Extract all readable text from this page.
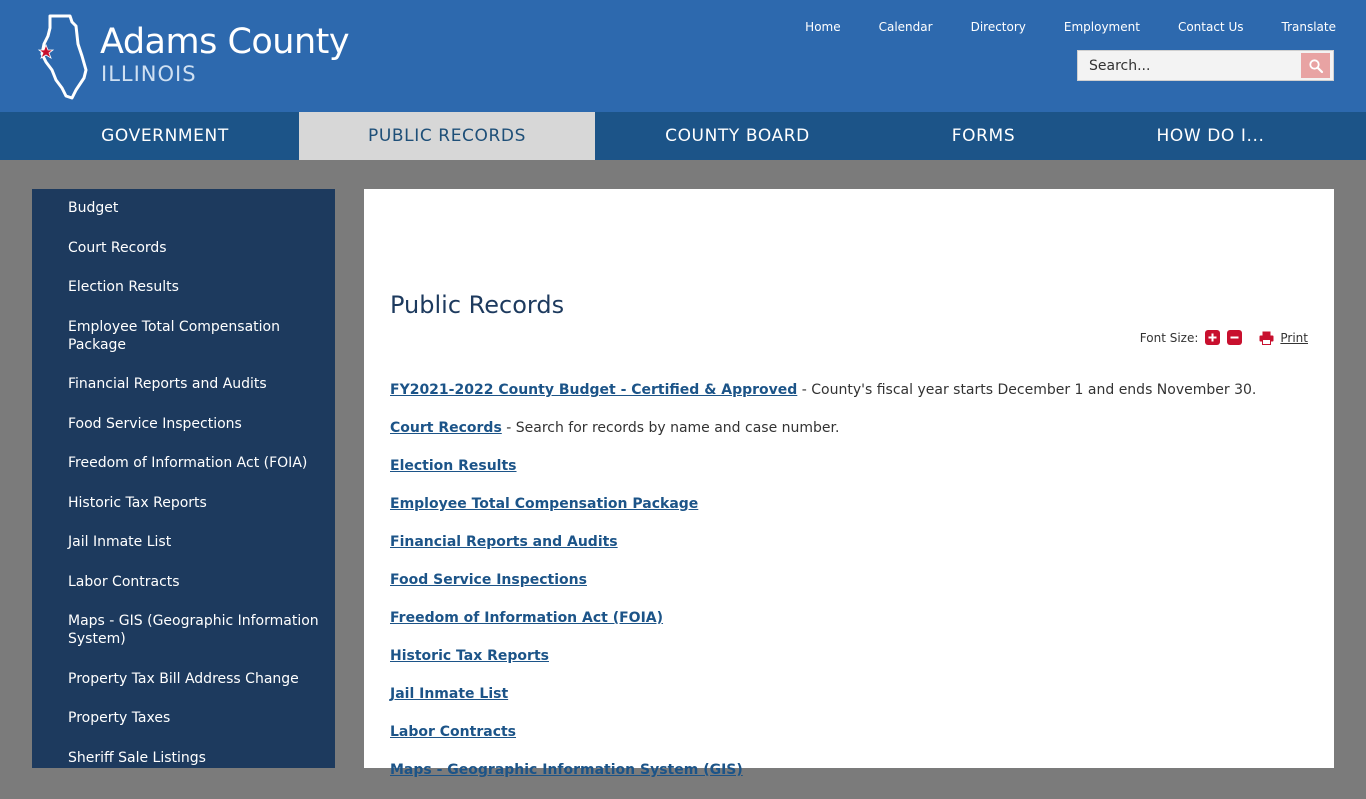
Adams County
ILLINOIS
Home	Calendar	Directory	Employment	Contact Us	Translate
Search...
GOVERNMENT	PUBLIC RECORDS	COUNTY BOARD	FORMS	HOW DO I...
Budget
Court Records
Election Results
Employee Total Compensation Package
Financial Reports and Audits
Food Service Inspections
Freedom of Information Act (FOIA)
Historic Tax Reports
Jail Inmate List
Labor Contracts
Maps - GIS (Geographic Information System)
Property Tax Bill Address Change
Property Taxes
Sheriff Sale Listings
Public Records
Font Size:	Print

FY2021-2022 County Budget - Certified & Approved - County's fiscal year starts December 1 and ends November 30.

Court Records - Search for records by name and case number.

Election Results

Employee Total Compensation Package

Financial Reports and Audits

Food Service Inspections

Freedom of Information Act (FOIA)

Historic Tax Reports

Jail Inmate List

Labor Contracts

Maps - Geographic Information System (GIS)
